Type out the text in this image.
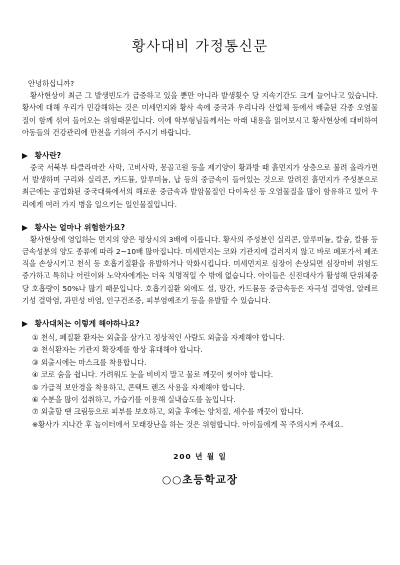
황사대비 가정통신문

안녕하십니까?

황사현상이 최근 그 발생빈도가 급증하고 있을 뿐만 아니라 발생횟수 당 지속기간도 크게 늘어나고 있습니다. 황사에 대해 우리가 민감해하는 것은 미세먼지와 황사 속에 중국과 우리나라 산업체 등에서 배출된 각종 오염물질이 함께 섞여 들어오는 위험때문입니다. 이에 학부형님들께서는 아래 내용을 읽어보시고 황사현상에 대비하여 아동들의 건강관리에 만전을 기하여 주시기 바랍니다.

▶ 황사란?

중국 서북부 타클라마칸 사막, 고비사막, 몽골고원 등을 제기양이 황과방 때 흙먼지가 상층으로 불려 올라가면서 발생하며 구리와 실리콘, 카드뮴, 알루미늄, 납 등의 중금속이 들어있는 것으로 알려진 흙먼지가 주성분으로 최근에는 공업화된 중국대륙에서의 해로운 중금속과 발암물질인 다이옥신 등 오염물질을 많이 함유하고 있어 우리에게 여러 가지 병을 일으키는 일인물질입니다.

▶ 황사는 얼마나 위험한가요?

황사현상에 영입하는 먼지의 양은 평상시의 3배에 이릅니다. 황사의 주성분인 실리콘, 알루미늄, 칼슘, 칼륨 등 금속성분의 양도 종류에 따라 2~10배 많아집니다. 미세먼지는 코와 기관지에 걸러지지 않고 바로 폐포가서 폐조직을 손상시키고 천식 등 호흡기질환을 유발하거나 악화시킵니다. 미세먼지로 심장이 손상되면 심장마비 위험도 증가하고 특히나 어린이와 노약자에게는 더욱 치명적일 수 밖에 없습니다. 아이들은 신진대사가 활성해 단위체중당 호흡량이 50%나 많기 때문입니다. 호흡기질환 외에도 설, 망간, 카드뮴등 중금속등은 자극성 결막염, 알레르기성 결막염, 과민성 비염, 인구건조증, 피부염예조기 등을 유발할 수 있습니다.

▶ 황사대처는 이렇게 해야하나요?

① 천식, 폐질환 환자는 외출을 삼가고 정상적인 사람도 외출을 자제해야 합니다.
② 천식환자는 기관지 확장제를 항상 휴대해야 합니다.
③ 외출시에는 마스크를 착용합니다.
④ 코로 숨을 쉽니다. 가려워도 눈을 비비지 말고 물로 깨끗이 씻어야 합니다.
⑤ 가급적 보안경을 착용하고, 콘택트 렌즈 사용을 자제해야 합니다.
⑥ 수분을 많이 섭취하고, 가습기를 이용해 실내습도를 높입니다.
⑦ 외출할 땐 크림등으로 피부를 보호하고, 외출 후에는 양치질, 세수를 깨끗이 합니다.
※황사가 지나간 후 놀이터에서 모래장난을 하는 것은 위험합니다. 아이들에게 꼭 주의시켜 주세요.
200 년 월 일
○○초등학교장
